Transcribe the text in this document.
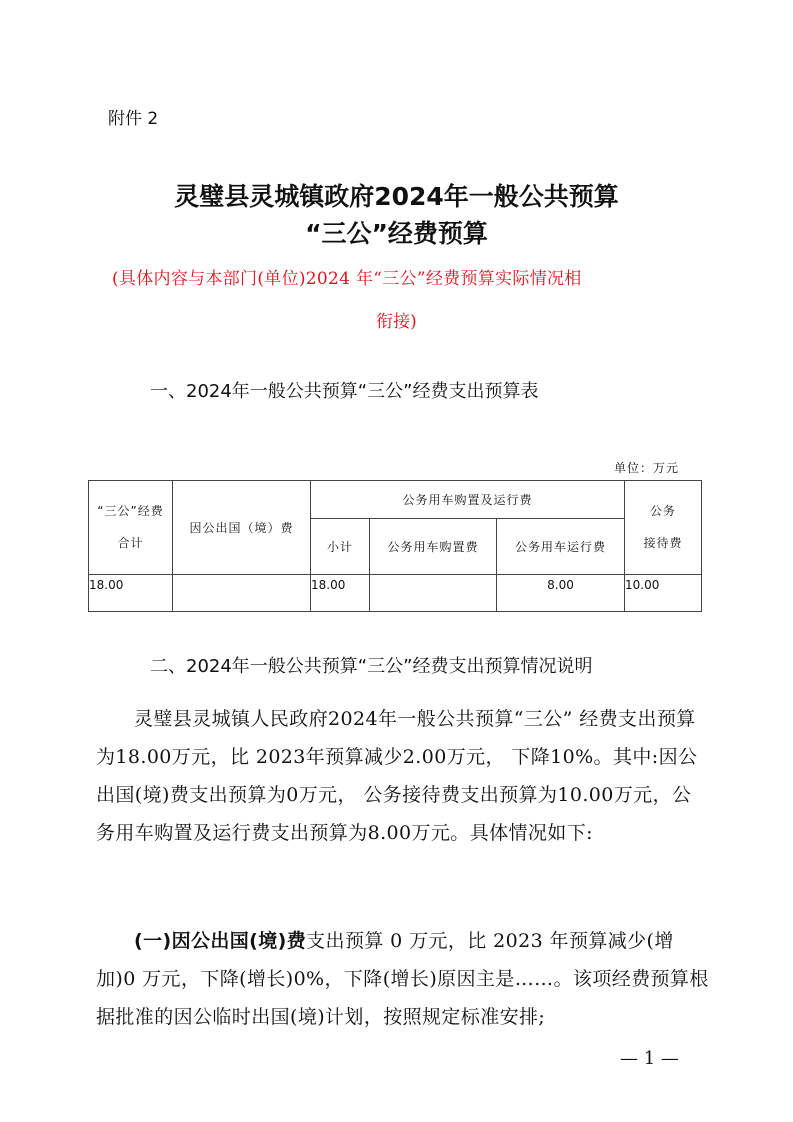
附件 2
灵璧县灵城镇政府2024年一般公共预算
“三公”经费预算
(具体内容与本部门(单位)2024 年“三公”经费预算实际情况相
衔接)
一、2024年一般公共预算“三公”经费支出预算表
单位：万元
“三公”经费
合计	因公出国（境）费	公务用车购置及运行费			公务
接待费
		小计	公务用车购置费	公务用车运行费	
18.00		18.00		8.00	10.00
二、2024年一般公共预算“三公”经费支出预算情况说明

灵璧县灵城镇人民政府2024年一般公共预算“三公” 经费支出预算为18.00万元，比 2023年预算减少2.00万元， 下降10%。其中:因公出国(境)费支出预算为0万元， 公务接待费支出预算为10.00万元，公务用车购置及运行费支出预算为8.00万元。具体情况如下:

(一)因公出国(境)费支出预算 0 万元，比 2023 年预算减少(增加)0 万元，下降(增长)0%，下降(增长)原因主是……。该项经费预算根据批准的因公临时出国(境)计划，按照规定标准安排;

— 1 —
